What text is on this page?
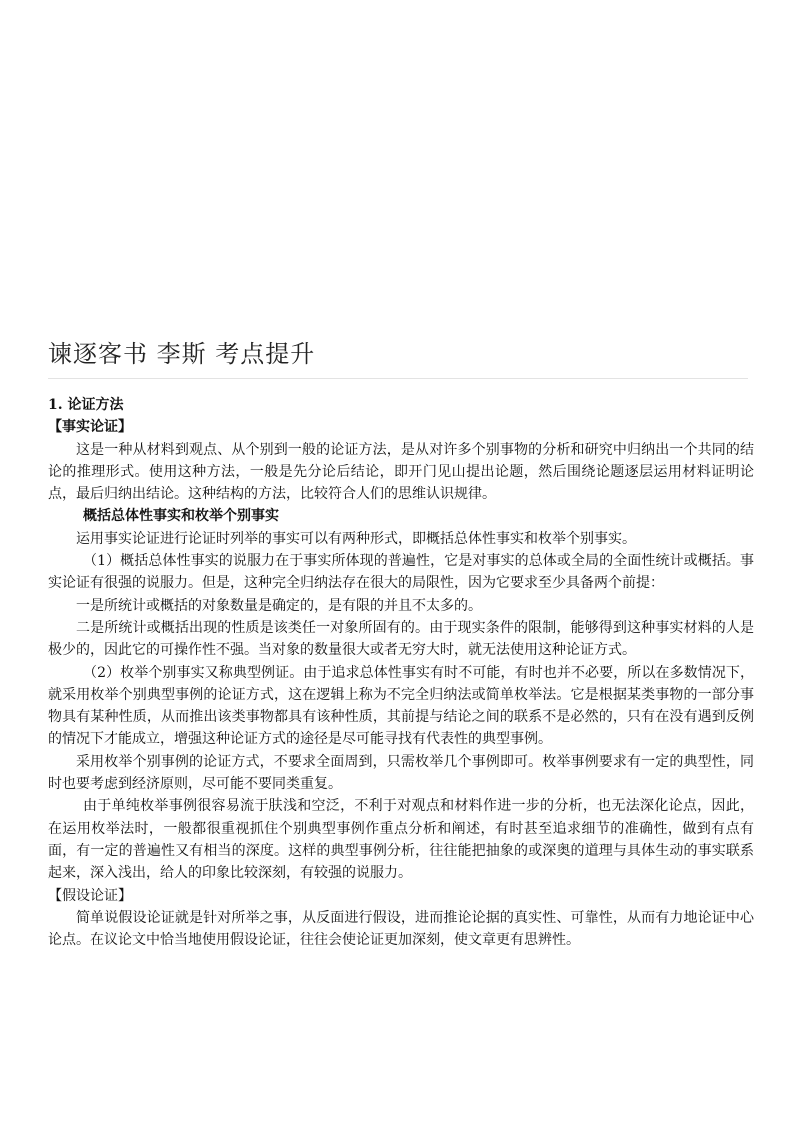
谏逐客书 李斯 考点提升

1. 论证方法

【事实论证】

这是一种从材料到观点、从个别到一般的论证方法，是从对许多个别事物的分析和研究中归纳出一个共同的结论的推理形式。使用这种方法，一般是先分论后结论，即开门见山提出论题，然后围绕论题逐层运用材料证明论点，最后归纳出结论。这种结构的方法，比较符合人们的思维认识规律。

概括总体性事实和枚举个别事实

运用事实论证进行论证时列举的事实可以有两种形式，即概括总体性事实和枚举个别事实。

（1）概括总体性事实的说服力在于事实所体现的普遍性，它是对事实的总体或全局的全面性统计或概括。事实论证有很强的说服力。但是，这种完全归纳法存在很大的局限性，因为它要求至少具备两个前提：

一是所统计或概括的对象数量是确定的，是有限的并且不太多的。

二是所统计或概括出现的性质是该类任一对象所固有的。由于现实条件的限制，能够得到这种事实材料的人是极少的，因此它的可操作性不强。当对象的数量很大或者无穷大时，就无法使用这种论证方式。

（2）枚举个别事实又称典型例证。由于追求总体性事实有时不可能，有时也并不必要，所以在多数情况下，就采用枚举个别典型事例的论证方式，这在逻辑上称为不完全归纳法或简单枚举法。它是根据某类事物的一部分事物具有某种性质，从而推出该类事物都具有该种性质，其前提与结论之间的联系不是必然的，只有在没有遇到反例的情况下才能成立，增强这种论证方式的途径是尽可能寻找有代表性的典型事例。

采用枚举个别事例的论证方式，不要求全面周到，只需枚举几个事例即可。枚举事例要求有一定的典型性，同时也要考虑到经济原则，尽可能不要同类重复。

由于单纯枚举事例很容易流于肤浅和空泛，不利于对观点和材料作进一步的分析，也无法深化论点，因此，在运用枚举法时，一般都很重视抓住个别典型事例作重点分析和阐述，有时甚至追求细节的准确性，做到有点有面，有一定的普遍性又有相当的深度。这样的典型事例分析，往往能把抽象的或深奥的道理与具体生动的事实联系起来，深入浅出，给人的印象比较深刻，有较强的说服力。

【假设论证】

简单说假设论证就是针对所举之事，从反面进行假设，进而推论论据的真实性、可靠性，从而有力地论证中心论点。在议论文中恰当地使用假设论证，往往会使论证更加深刻，使文章更有思辨性。
